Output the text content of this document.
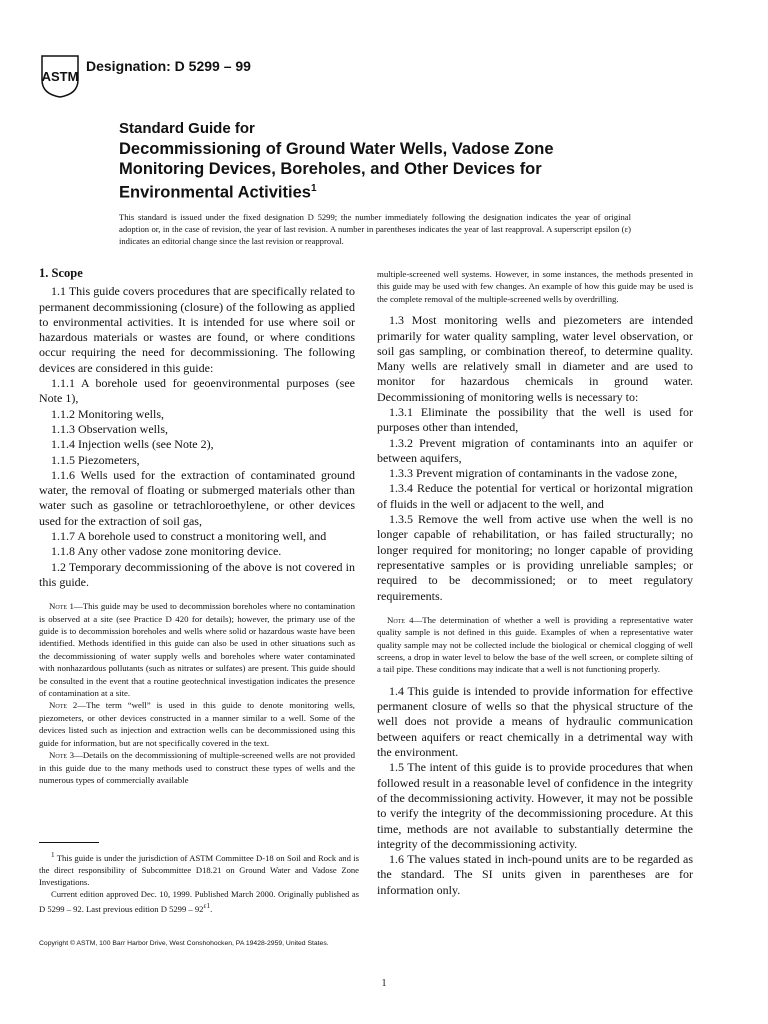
ASTM
Designation: D 5299 – 99
Standard Guide for
Decommissioning of Ground Water Wells, Vadose Zone
Monitoring Devices, Boreholes, and Other Devices for
Environmental Activities$^1$
This standard is issued under the fixed designation D 5299; the number immediately following the designation indicates the year of original adoption or, in the case of revision, the year of last revision. A number in parentheses indicates the year of last reapproval. A superscript epsilon (ε) indicates an editorial change since the last revision or reapproval.

1. Scope

1.1 This guide covers procedures that are specifically related to permanent decommissioning (closure) of the following as applied to environmental activities. It is intended for use where soil or hazardous materials or wastes are found, or where conditions occur requiring the need for decommissioning. The following devices are considered in this guide:

1.1.1 A borehole used for geoenvironmental purposes (see Note 1),

1.1.2 Monitoring wells,

1.1.3 Observation wells,

1.1.4 Injection wells (see Note 2),

1.1.5 Piezometers,

1.1.6 Wells used for the extraction of contaminated ground water, the removal of floating or submerged materials other than water such as gasoline or tetrachloroethylene, or other devices used for the extraction of soil gas,

1.1.7 A borehole used to construct a monitoring well, and

1.1.8 Any other vadose zone monitoring device.

1.2 Temporary decommissioning of the above is not covered in this guide.

Note 1—This guide may be used to decommission boreholes where no contamination is observed at a site (see Practice D 420 for details); however, the primary use of the guide is to decommission boreholes and wells where solid or hazardous waste have been identified. Methods identified in this guide can also be used in other situations such as the decommissioning of water supply wells and boreholes where water contaminated with nonhazardous pollutants (such as nitrates or sulfates) are present. This guide should be consulted in the event that a routine geotechnical investigation indicates the presence of contamination at a site.

Note 2—The term “well” is used in this guide to denote monitoring wells, piezometers, or other devices constructed in a manner similar to a well. Some of the devices listed such as injection and extraction wells can be decommissioned using this guide for information, but are not specifically covered in the text.

Note 3—Details on the decommissioning of multiple-screened wells are not provided in this guide due to the many methods used to construct these types of wells and the numerous types of commercially available

$^1$ This guide is under the jurisdiction of ASTM Committee D-18 on Soil and Rock and is the direct responsibility of Subcommittee D18.21 on Ground Water and Vadose Zone Investigations.

Current edition approved Dec. 10, 1999. Published March 2000. Originally published as D 5299 – 92. Last previous edition D $5299 - 92^{\varepsilon 1}$.

multiple-screened well systems. However, in some instances, the methods presented in this guide may be used with few changes. An example of how this guide may be used is the complete removal of the multiple-screened wells by overdrilling.

1.3 Most monitoring wells and piezometers are intended primarily for water quality sampling, water level observation, or soil gas sampling, or combination thereof, to determine quality. Many wells are relatively small in diameter and are used to monitor for hazardous chemicals in ground water. Decommissioning of monitoring wells is necessary to:

1.3.1 Eliminate the possibility that the well is used for purposes other than intended,

1.3.2 Prevent migration of contaminants into an aquifer or between aquifers,

1.3.3 Prevent migration of contaminants in the vadose zone,

1.3.4 Reduce the potential for vertical or horizontal migration of fluids in the well or adjacent to the well, and

1.3.5 Remove the well from active use when the well is no longer capable of rehabilitation, or has failed structurally; no longer required for monitoring; no longer capable of providing representative samples or is providing unreliable samples; or required to be decommissioned; or to meet regulatory requirements.

Note 4—The determination of whether a well is providing a representative water quality sample is not defined in this guide. Examples of when a representative water quality sample may not be collected include the biological or chemical clogging of well screens, a drop in water level to below the base of the well screen, or complete silting of a tail pipe. These conditions may indicate that a well is not functioning properly.

1.4 This guide is intended to provide information for effective permanent closure of wells so that the physical structure of the well does not provide a means of hydraulic communication between aquifers or react chemically in a detrimental way with the environment.

1.5 The intent of this guide is to provide procedures that when followed result in a reasonable level of confidence in the integrity of the decommissioning activity. However, it may not be possible to verify the integrity of the decommissioning procedure. At this time, methods are not available to substantially determine the integrity of the decommissioning activity.

1.6 The values stated in inch-pound units are to be regarded as the standard. The SI units given in parentheses are for information only.

Copyright © ASTM, 100 Barr Harbor Drive, West Conshohocken, PA 19428-2959, United States.
1
